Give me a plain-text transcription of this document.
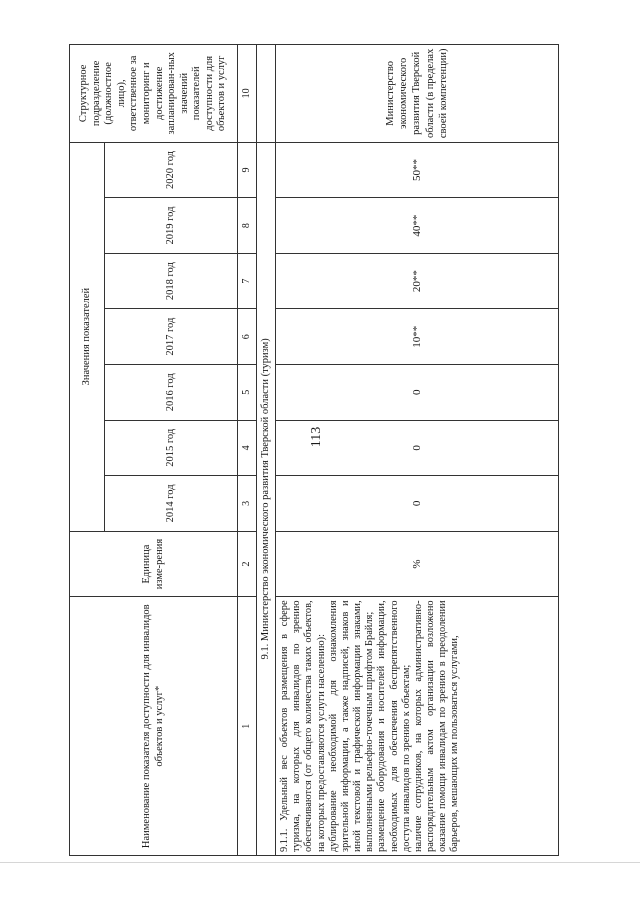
113
Наименование показателя доступности для инвалидов объектов и услуг*	Единица изме-рения	Значения показателей							Структурное подразделение (должностное лицо), ответственное за мониторинг и достижение запланирован-ных значений показателей доступности для объектов и услуг
		2014 год	2015 год	2016 год	2017 год	2018 год	2019 год	2020 год	
1	2	3	4	5	6	7	8	9	10
9.1. Министерство экономического развития Тверской области (туризм)									

9.1.1. Удельный вес объектов размещения в сфере туризма, на которых для инвалидов по зрению обеспечиваются (от общего количества таких объектов, на которых предоставляются услуги населению): дублирование необходимой для ознакомления зрительной информации, а также надписей, знаков и иной текстовой и графической информации знаками, выполненными рельефно-точечным шрифтом Брайля; размещение оборудования и носителей информации, необходимых для обеспечения беспрепятственного доступа инвалидов по зрению к объектам; наличие сотрудников, на которых административно-распорядительным актом организации возложено оказание помощи инвалидам по зрению в преодолении барьеров, мешающих им пользоваться услугами,	%	0	0	0	10**	20**	40**	50**	Министерство экономического развития Тверской области (в пределах своей компетенции)
